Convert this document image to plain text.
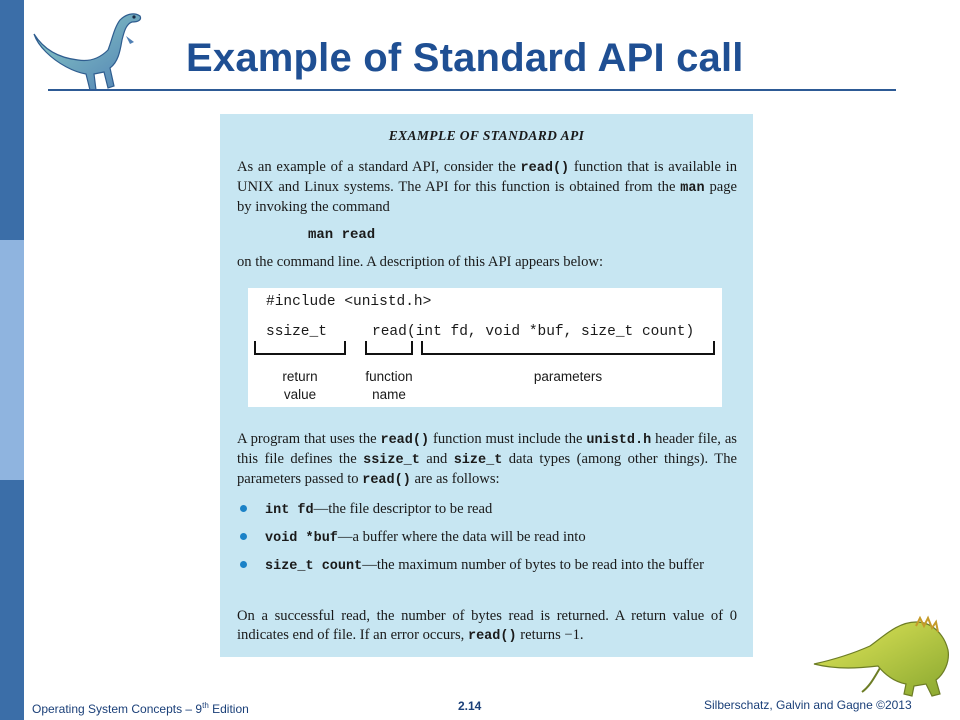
Example of Standard API call
EXAMPLE OF STANDARD API

As an example of a standard API, consider the read() function that is available in UNIX and Linux systems. The API for this function is obtained from the man page by invoking the command

man read

on the command line. A description of this API appears below:

#include <unistd.h>
ssize_t	read (int fd, void *buf, size_t count)
return value
function name
parameters

A program that uses the read() function must include the unistd.h header file, as this file defines the ssize_t and size_t data types (among other things). The parameters passed to read() are as follows:

int fd—the file descriptor to be read
void *buf—a buffer where the data will be read into
size_t count—the maximum number of bytes to be read into the buffer

On a successful read, the number of bytes read is returned. A return value of 0 indicates end of file. If an error occurs, read() returns −1.

Operating System Concepts – 9th Edition	2.14	Silberschatz, Galvin and Gagne ©2013
